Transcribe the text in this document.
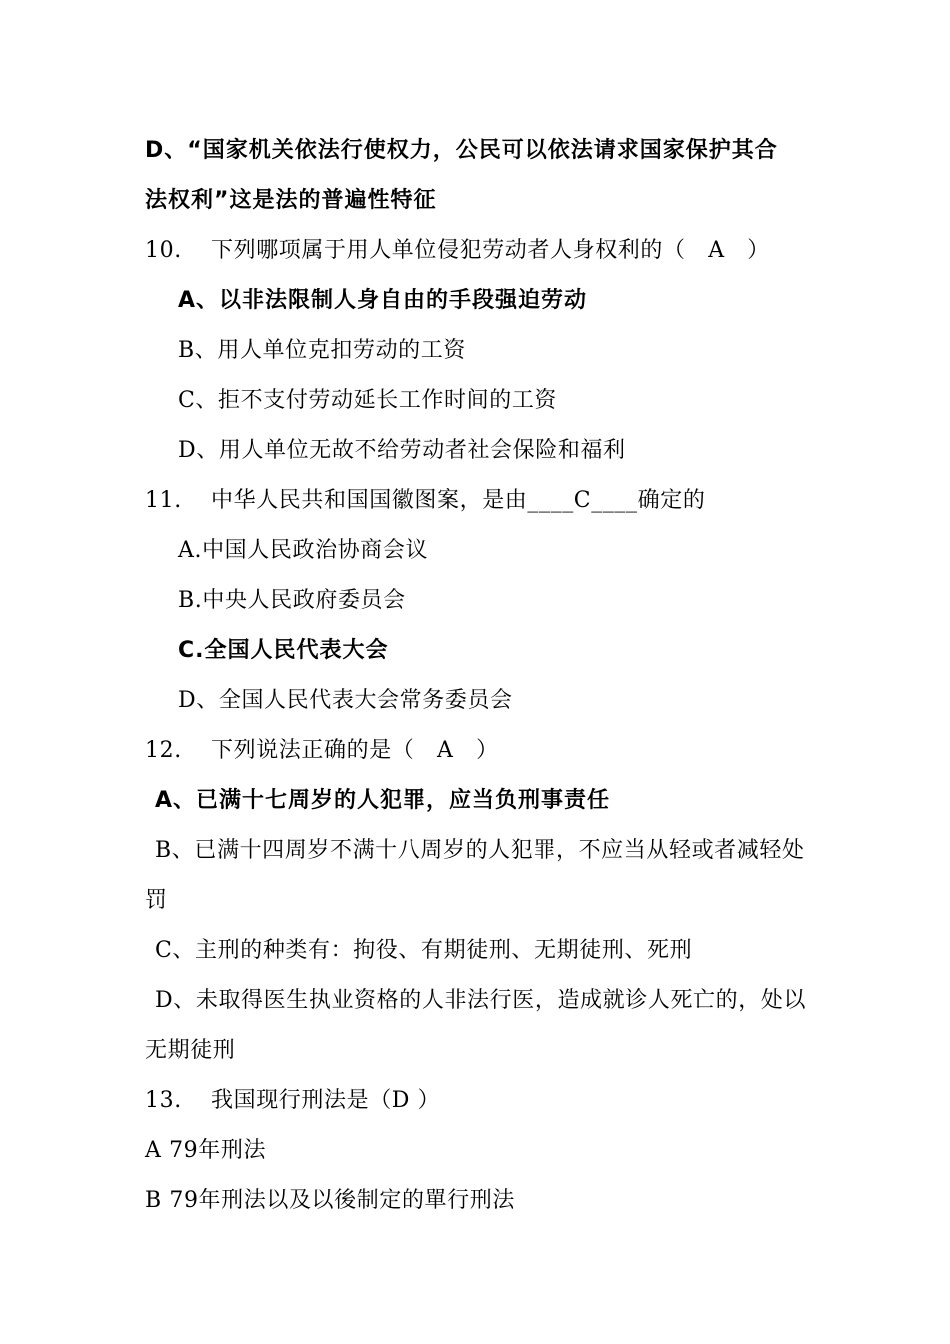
D、“国家机关依法行使权力，公民可以依法请求国家保护其合
法权利”这是法的普遍性特征
10. 下列哪项属于用人单位侵犯劳动者人身权利的（　A　）
A、以非法限制人身自由的手段强迫劳动
B、用人单位克扣劳动的工资
C、拒不支付劳动延长工作时间的工资
D、用人单位无故不给劳动者社会保险和福利
11. 中华人民共和国国徽图案，是由____C____确定的
A.中国人民政治协商会议
B.中央人民政府委员会
C.全国人民代表大会
D、全国人民代表大会常务委员会
12. 下列说法正确的是（　A　）
A、已满十七周岁的人犯罪，应当负刑事责任
B、已满十四周岁不满十八周岁的人犯罪，不应当从轻或者减轻处
罚
C、主刑的种类有：拘役、有期徒刑、无期徒刑、死刑
D、未取得医生执业资格的人非法行医，造成就诊人死亡的，处以
无期徒刑
13. 我国现行刑法是（D ）
A 79年刑法
B 79年刑法以及以後制定的單行刑法
